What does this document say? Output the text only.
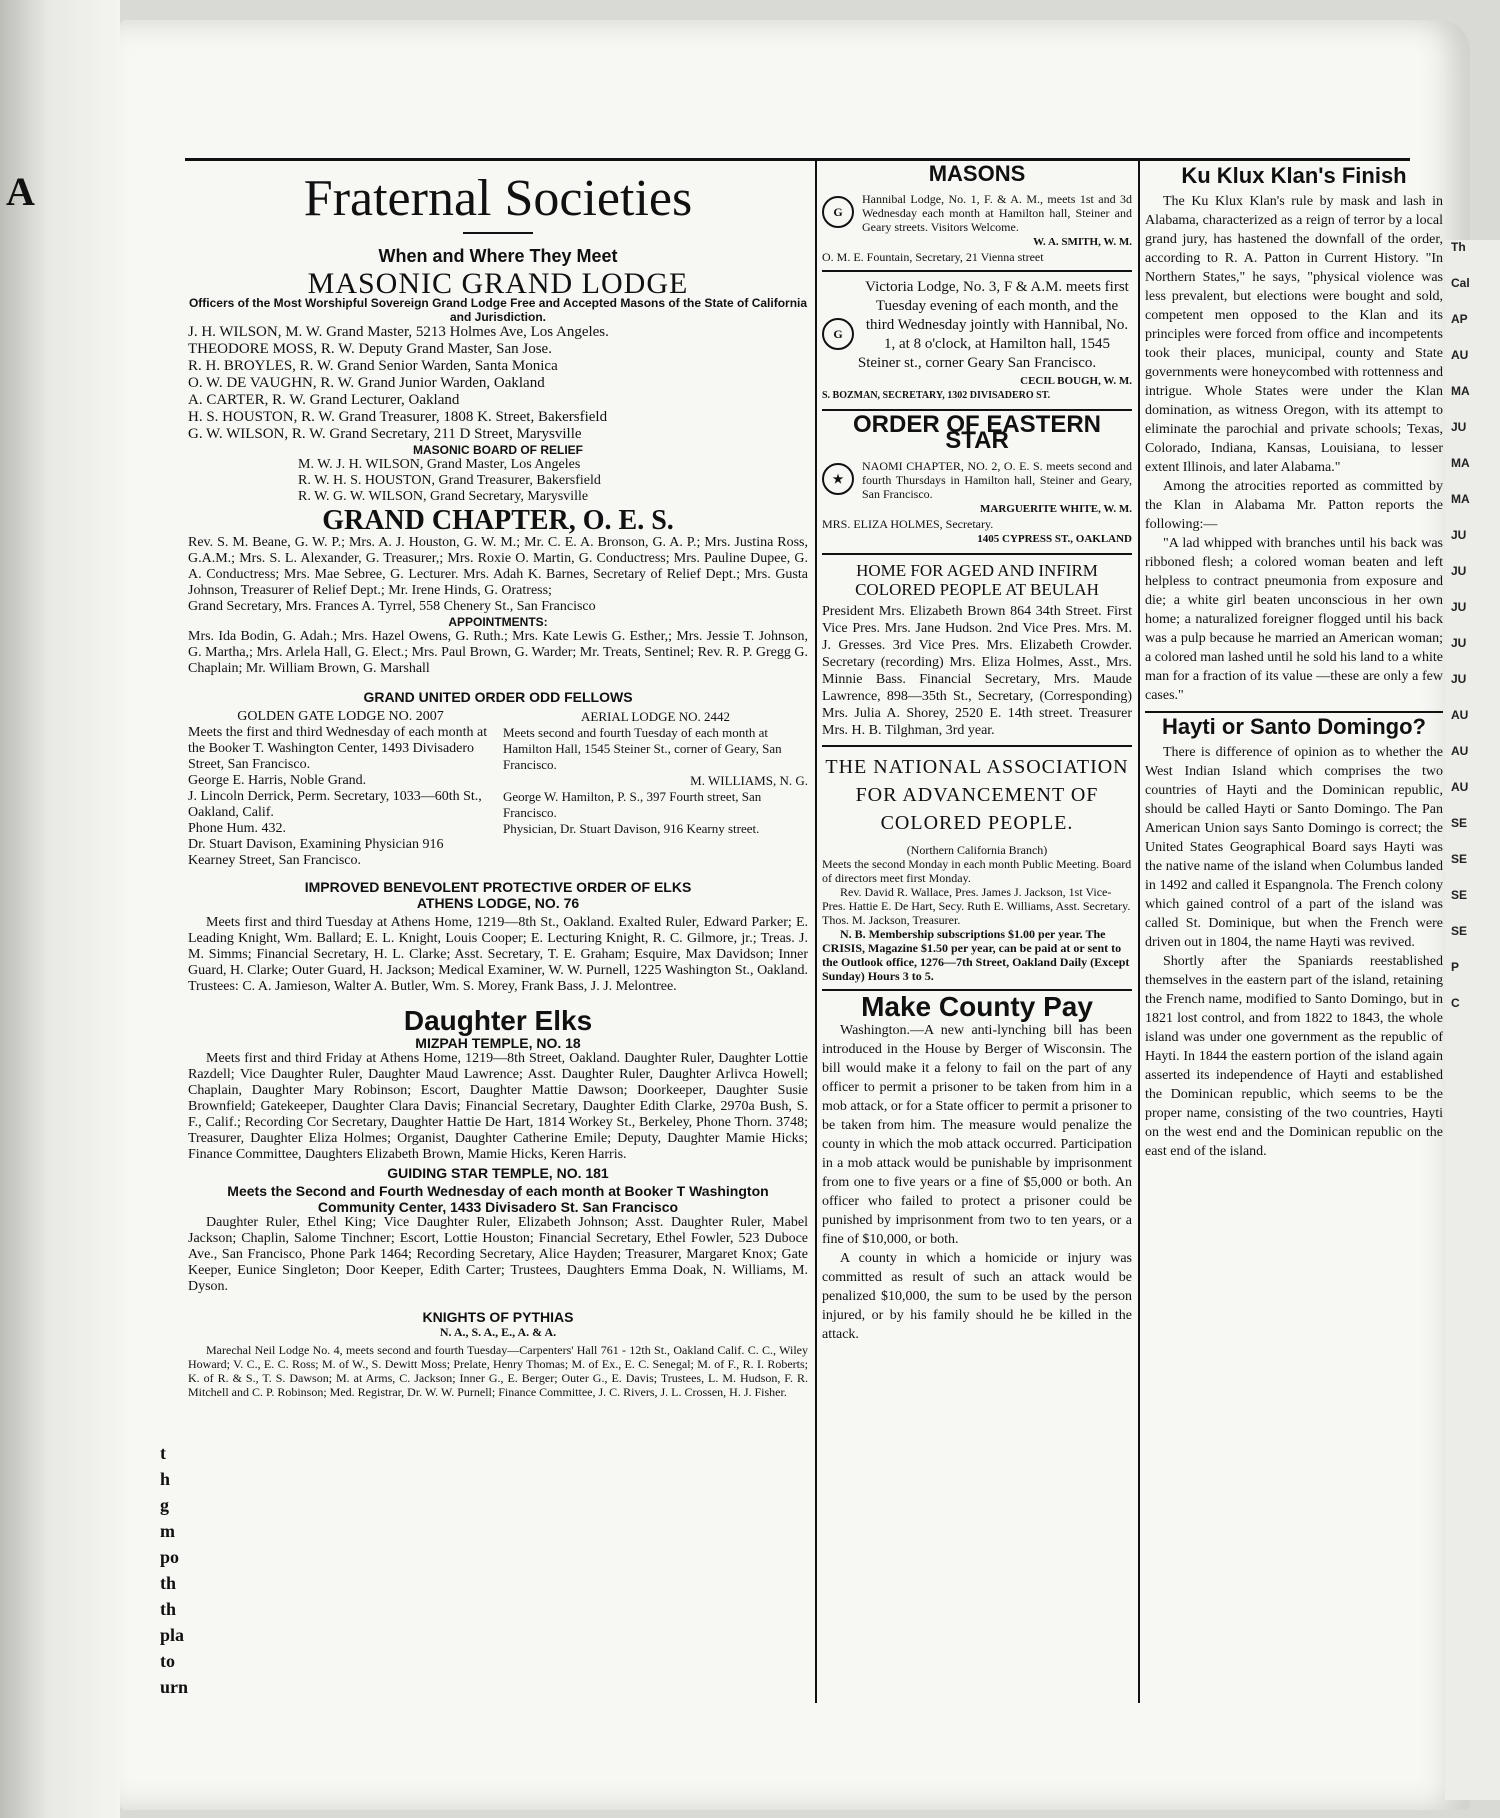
A
t
h
g
m
po
th
th
pla
to
urn
Th
Cal
AP
AU
MA
JU
MA
MA
JU
JU
JU
JU
JU
AU
AU
AU
SE
SE
SE
SE
P
C
Fraternal Societies
When and Where They Meet
MASONIC GRAND LODGE

Officers of the Most Worshipful Sovereign Grand Lodge Free and Accepted Masons of the State of California and Jurisdiction.

J. H. WILSON, M. W. Grand Master, 5213 Holmes Ave, Los Angeles.

THEODORE MOSS, R. W. Deputy Grand Master, San Jose.

R. H. BROYLES, R. W. Grand Senior Warden, Santa Monica

O. W. DE VAUGHN, R. W. Grand Junior Warden, Oakland

A. CARTER, R. W. Grand Lecturer, Oakland

H. S. HOUSTON, R. W. Grand Treasurer, 1808 K. Street, Bakersfield

G. W. WILSON, R. W. Grand Secretary, 211 D Street, Marysville

MASONIC BOARD OF RELIEF

M. W. J. H. WILSON, Grand Master, Los Angeles

R. W. H. S. HOUSTON, Grand Treasurer, Bakersfield

R. W. G. W. WILSON, Grand Secretary, Marysville

GRAND CHAPTER, O. E. S.

Rev. S. M. Beane, G. W. P.; Mrs. A. J. Houston, G. W. M.; Mr. C. E. A. Bronson, G. A. P.; Mrs. Justina Ross, G.A.M.; Mrs. S. L. Alexander, G. Treasurer,; Mrs. Roxie O. Martin, G. Conductress; Mrs. Pauline Dupee, G. A. Conductress; Mrs. Mae Sebree, G. Lecturer. Mrs. Adah K. Barnes, Secretary of Relief Dept.; Mrs. Gusta Johnson, Treasurer of Relief Dept.; Mr. Irene Hinds, G. Oratress;

Grand Secretary, Mrs. Frances A. Tyrrel, 558 Chenery St., San Francisco

APPOINTMENTS:

Mrs. Ida Bodin, G. Adah.; Mrs. Hazel Owens, G. Ruth.; Mrs. Kate Lewis G. Esther,; Mrs. Jessie T. Johnson, G. Martha,; Mrs. Arlela Hall, G. Elect.; Mrs. Paul Brown, G. Warder; Mr. Treats, Sentinel; Rev. R. P. Gregg G. Chaplain; Mr. William Brown, G. Marshall

GRAND UNITED ORDER ODD FELLOWS

GOLDEN GATE LODGE NO. 2007

Meets the first and third Wednesday of each month at the Booker T. Washington Center, 1493 Divisadero Street, San Francisco.

George E. Harris, Noble Grand.

J. Lincoln Derrick, Perm. Secretary, 1033—60th St., Oakland, Calif.

Phone Hum. 432.

Dr. Stuart Davison, Examining Physician 916 Kearney Street, San Francisco.

AERIAL LODGE NO. 2442

Meets second and fourth Tuesday of each month at Hamilton Hall, 1545 Steiner St., corner of Geary, San Francisco.

M. WILLIAMS, N. G.

George W. Hamilton, P. S., 397 Fourth street, San Francisco.

Physician, Dr. Stuart Davison, 916 Kearny street.

IMPROVED BENEVOLENT PROTECTIVE ORDER OF ELKS
ATHENS LODGE, NO. 76

Meets first and third Tuesday at Athens Home, 1219—8th St., Oakland. Exalted Ruler, Edward Parker; E. Leading Knight, Wm. Ballard; E. L. Knight, Louis Cooper; E. Lecturing Knight, R. C. Gilmore, jr.; Treas. J. M. Simms; Financial Secretary, H. L. Clarke; Asst. Secretary, T. E. Graham; Esquire, Max Davidson; Inner Guard, H. Clarke; Outer Guard, H. Jackson; Medical Examiner, W. W. Purnell, 1225 Washington St., Oakland. Trustees: C. A. Jamieson, Walter A. Butler, Wm. S. Morey, Frank Bass, J. J. Melontree.

Daughter Elks
MIZPAH TEMPLE, NO. 18

Meets first and third Friday at Athens Home, 1219—8th Street, Oakland. Daughter Ruler, Daughter Lottie Razdell; Vice Daughter Ruler, Daughter Maud Lawrence; Asst. Daughter Ruler, Daughter Arlivca Howell; Chaplain, Daughter Mary Robinson; Escort, Daughter Mattie Dawson; Doorkeeper, Daughter Susie Brownfield; Gatekeeper, Daughter Clara Davis; Financial Secretary, Daughter Edith Clarke, 2970a Bush, S. F., Calif.; Recording Cor Secretary, Daughter Hattie De Hart, 1814 Workey St., Berkeley, Phone Thorn. 3748; Treasurer, Daughter Eliza Holmes; Organist, Daughter Catherine Emile; Deputy, Daughter Mamie Hicks; Finance Committee, Daughters Elizabeth Brown, Mamie Hicks, Keren Harris.

GUIDING STAR TEMPLE, NO. 181

Meets the Second and Fourth Wednesday of each month at Booker T Washington Community Center, 1433 Divisadero St. San Francisco

Daughter Ruler, Ethel King; Vice Daughter Ruler, Elizabeth Johnson; Asst. Daughter Ruler, Mabel Jackson; Chaplin, Salome Tinchner; Escort, Lottie Houston; Financial Secretary, Ethel Fowler, 523 Duboce Ave., San Francisco, Phone Park 1464; Recording Secretary, Alice Hayden; Treasurer, Margaret Knox; Gate Keeper, Eunice Singleton; Door Keeper, Edith Carter; Trustees, Daughters Emma Doak, N. Williams, M. Dyson.

KNIGHTS OF PYTHIAS
N. A., S. A., E., A. & A.

Marechal Neil Lodge No. 4, meets second and fourth Tuesday—Carpenters' Hall 761 - 12th St., Oakland Calif. C. C., Wiley Howard; V. C., E. C. Ross; M. of W., S. Dewitt Moss; Prelate, Henry Thomas; M. of Ex., E. C. Senegal; M. of F., R. I. Roberts; K. of R. & S., T. S. Dawson; M. at Arms, C. Jackson; Inner G., E. Berger; Outer G., E. Davis; Trustees, L. M. Hudson, F. R. Mitchell and C. P. Robinson; Med. Registrar, Dr. W. W. Purnell; Finance Committee, J. C. Rivers, J. L. Crossen, H. J. Fisher.

MASONS
G

Hannibal Lodge, No. 1, F. & A. M., meets 1st and 3d Wednesday each month at Hamilton hall, Steiner and Geary streets. Visitors Welcome.

W. A. SMITH, W. M.

O. M. E. Fountain, Secretary, 21 Vienna street

G

Victoria Lodge, No. 3, F & A.M. meets first Tuesday evening of each month, and the third Wednesday jointly with Hannibal, No. 1, at 8 o'clock, at Hamilton hall, 1545 Steiner st., corner Geary San Francisco.

CECIL BOUGH, W. M.

S. BOZMAN, SECRETARY, 1302 DIVISADERO ST.

ORDER OF EASTERN STAR
★

NAOMI CHAPTER, NO. 2, O. E. S. meets second and fourth Thursdays in Hamilton hall, Steiner and Geary, San Francisco.

MARGUERITE WHITE, W. M.

MRS. ELIZA HOLMES, Secretary.

1405 CYPRESS ST., OAKLAND

HOME FOR AGED AND INFIRM COLORED PEOPLE AT BEULAH

President Mrs. Elizabeth Brown 864 34th Street. First Vice Pres. Mrs. Jane Hudson. 2nd Vice Pres. Mrs. M. J. Gresses. 3rd Vice Pres. Mrs. Elizabeth Crowder. Secretary (recording) Mrs. Eliza Holmes, Asst., Mrs. Minnie Bass. Financial Secretary, Mrs. Maude Lawrence, 898—35th St., Secretary, (Corresponding) Mrs. Julia A. Shorey, 2520 E. 14th street. Treasurer Mrs. H. B. Tilghman, 3rd year.

THE NATIONAL ASSOCIATION FOR ADVANCEMENT OF COLORED PEOPLE.

(Northern California Branch)

Meets the second Monday in each month Public Meeting. Board of directors meet first Monday.

Rev. David R. Wallace, Pres. James J. Jackson, 1st Vice-Pres. Hattie E. De Hart, Secy. Ruth E. Williams, Asst. Secretary. Thos. M. Jackson, Treasurer.

N. B. Membership subscriptions $1.00 per year. The CRISIS, Magazine $1.50 per year, can be paid at or sent to the Outlook office, 1276—7th Street, Oakland Daily (Except Sunday) Hours 3 to 5.

Make County Pay

Washington.—A new anti-lynching bill has been introduced in the House by Berger of Wisconsin. The bill would make it a felony to fail on the part of any officer to permit a prisoner to be taken from him in a mob attack, or for a State officer to permit a prisoner to be taken from him. The measure would penalize the county in which the mob attack occurred. Participation in a mob attack would be punishable by imprisonment from one to five years or a fine of $5,000 or both. An officer who failed to protect a prisoner could be punished by imprisonment from two to ten years, or a fine of $10,000, or both.

A county in which a homicide or injury was committed as result of such an attack would be penalized $10,000, the sum to be used by the person injured, or by his family should he be killed in the attack.

Ku Klux Klan's Finish

The Ku Klux Klan's rule by mask and lash in Alabama, characterized as a reign of terror by a local grand jury, has hastened the downfall of the order, according to R. A. Patton in Current History. "In Northern States," he says, "physical violence was less prevalent, but elections were bought and sold, competent men opposed to the Klan and its principles were forced from office and incompetents took their places, municipal, county and State governments were honeycombed with rottenness and intrigue. Whole States were under the Klan domination, as witness Oregon, with its attempt to eliminate the parochial and private schools; Texas, Colorado, Indiana, Kansas, Louisiana, to lesser extent Illinois, and later Alabama."

Among the atrocities reported as committed by the Klan in Alabama Mr. Patton reports the following:—

"A lad whipped with branches until his back was ribboned flesh; a colored woman beaten and left helpless to contract pneumonia from exposure and die; a white girl beaten unconscious in her own home; a naturalized foreigner flogged until his back was a pulp because he married an American woman; a colored man lashed until he sold his land to a white man for a fraction of its value —these are only a few cases."

Hayti or Santo Domingo?

There is difference of opinion as to whether the West Indian Island which comprises the two countries of Hayti and the Dominican republic, should be called Hayti or Santo Domingo. The Pan American Union says Santo Domingo is correct; the United States Geographical Board says Hayti was the native name of the island when Columbus landed in 1492 and called it Espangnola. The French colony which gained control of a part of the island was called St. Dominique, but when the French were driven out in 1804, the name Hayti was revived.

Shortly after the Spaniards reestablished themselves in the eastern part of the island, retaining the French name, modified to Santo Domingo, but in 1821 lost control, and from 1822 to 1843, the whole island was under one government as the republic of Hayti. In 1844 the eastern portion of the island again asserted its independence of Hayti and established the Dominican republic, which seems to be the proper name, consisting of the two countries, Hayti on the west end and the Dominican republic on the east end of the island.
